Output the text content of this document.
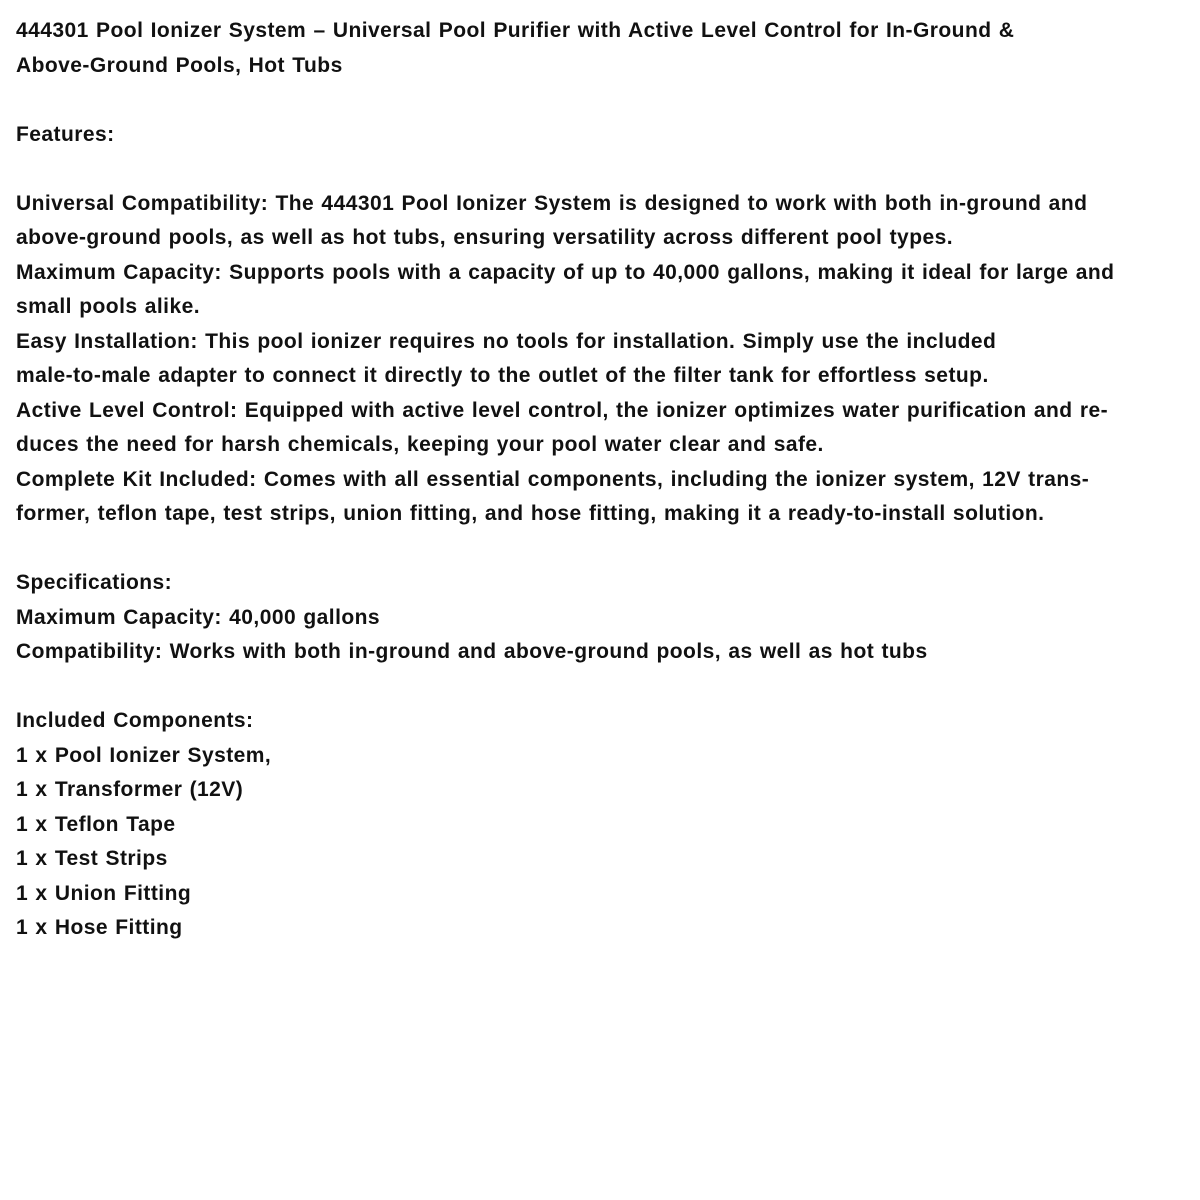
444301 Pool Ionizer System – Universal Pool Purifier with Active Level Control for In-Ground &

Above-Ground Pools, Hot Tubs

Features:

Universal Compatibility: The 444301 Pool Ionizer System is designed to work with both in-ground and

above-ground pools, as well as hot tubs, ensuring versatility across different pool types.

Maximum Capacity: Supports pools with a capacity of up to 40,000 gallons, making it ideal for large and

small pools alike.

Easy Installation: This pool ionizer requires no tools for installation. Simply use the included

male-to-male adapter to connect it directly to the outlet of the filter tank for effortless setup.

Active Level Control: Equipped with active level control, the ionizer optimizes water purification and re-

duces the need for harsh chemicals, keeping your pool water clear and safe.

Complete Kit Included: Comes with all essential components, including the ionizer system, 12V trans-

former, teflon tape, test strips, union fitting, and hose fitting, making it a ready-to-install solution.

Specifications:

Maximum Capacity: 40,000 gallons

Compatibility: Works with both in-ground and above-ground pools, as well as hot tubs

Included Components:

1 x Pool Ionizer System,

1 x Transformer (12V)

1 x Teflon Tape

1 x Test Strips

1 x Union Fitting

1 x Hose Fitting
